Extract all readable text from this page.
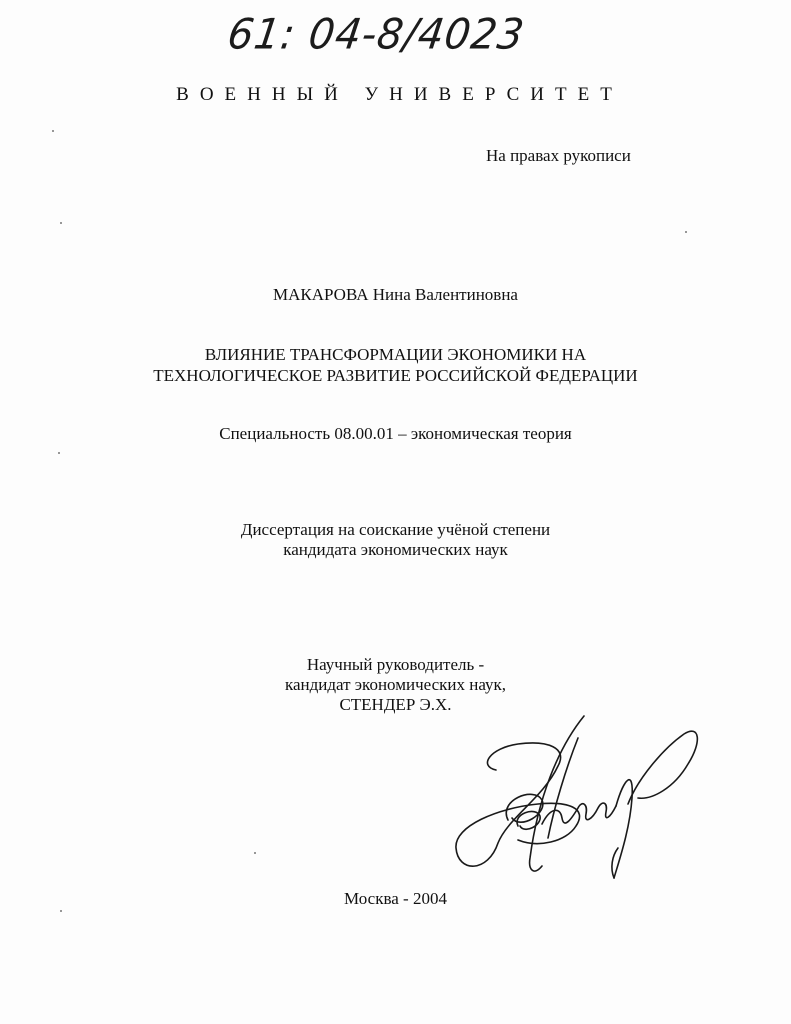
61: 04-8/4023
ВОЕННЫЙ УНИВЕРСИТЕТ
На правах рукописи
МАКАРОВА Нина Валентиновна
ВЛИЯНИЕ ТРАНСФОРМАЦИИ ЭКОНОМИКИ НА
ТЕХНОЛОГИЧЕСКОЕ РАЗВИТИЕ РОССИЙСКОЙ ФЕДЕРАЦИИ
Специальность 08.00.01 – экономическая теория
Диссертация на соискание учёной степени
кандидата экономических наук
Научный руководитель -
кандидат экономических наук,
СТЕНДЕР Э.Х.
Москва - 2004
